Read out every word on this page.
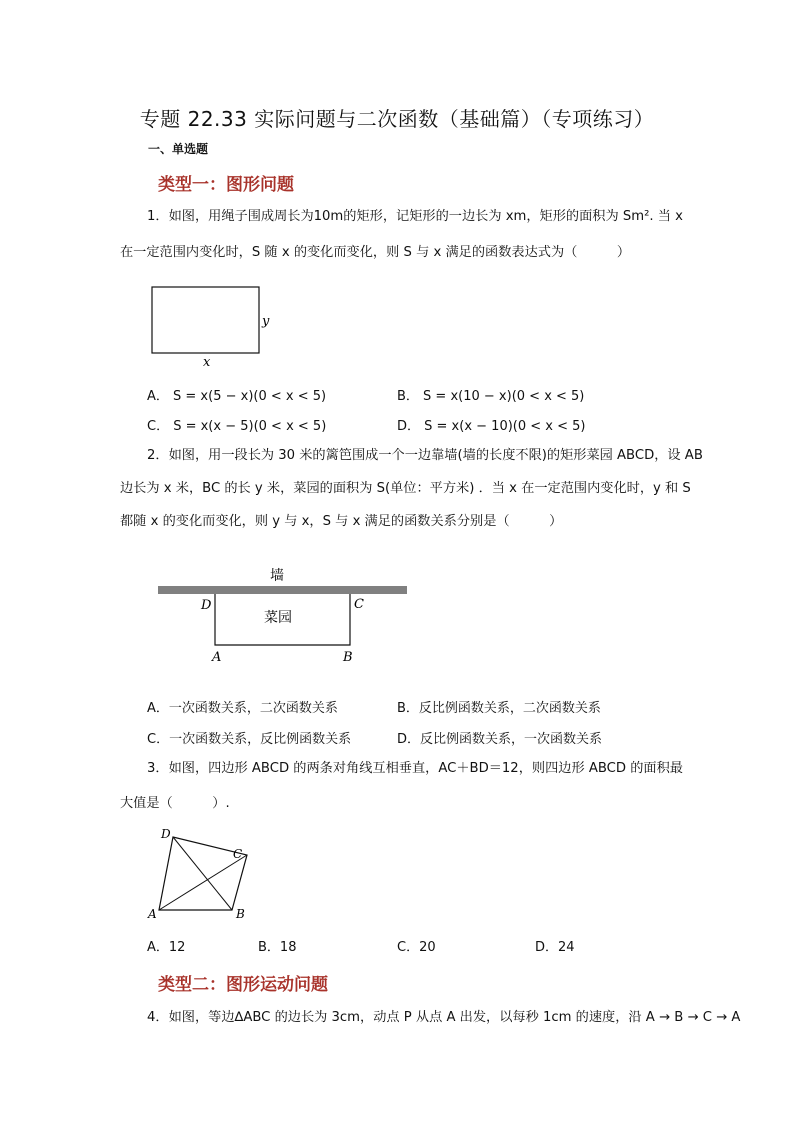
专题 22.33 实际问题与二次函数（基础篇）（专项练习）
一、单选题
类型一：图形问题
1．如图，用绳子围成周长为10m的矩形，记矩形的一边长为 xm，矩形的面积为 Sm². 当 x
在一定范围内变化时，S 随 x 的变化而变化，则 S 与 x 满足的函数表达式为（　　　）
y
x
A． S = x(5 − x)(0 < x < 5)	B． S = x(10 − x)(0 < x < 5)
C． S = x(x − 5)(0 < x < 5)	D． S = x(x − 10)(0 < x < 5)
2．如图，用一段长为 30 米的篱笆围成一个一边靠墙(墙的长度不限)的矩形菜园 ABCD，设 AB
边长为 x 米，BC 的长 y 米，菜园的面积为 S(单位：平方米) ．当 x 在一定范围内变化时，y 和 S
都随 x 的变化而变化，则 y 与 x，S 与 x 满足的函数关系分别是（　　　）
墙
菜园
D	C
A	B
A．一次函数关系，二次函数关系	B．反比例函数关系，二次函数关系
C．一次函数关系，反比例函数关系	D．反比例函数关系，一次函数关系
3．如图，四边形 ABCD 的两条对角线互相垂直，AC＋BD＝12，则四边形 ABCD 的面积最
大值是（　　　）.
D
C
A	B
A．12	B．18	C．20	D．24
类型二：图形运动问题
4．如图，等边∆ABC 的边长为 3cm，动点 P 从点 A 出发，以每秒 1cm 的速度，沿 A → B → C → A
